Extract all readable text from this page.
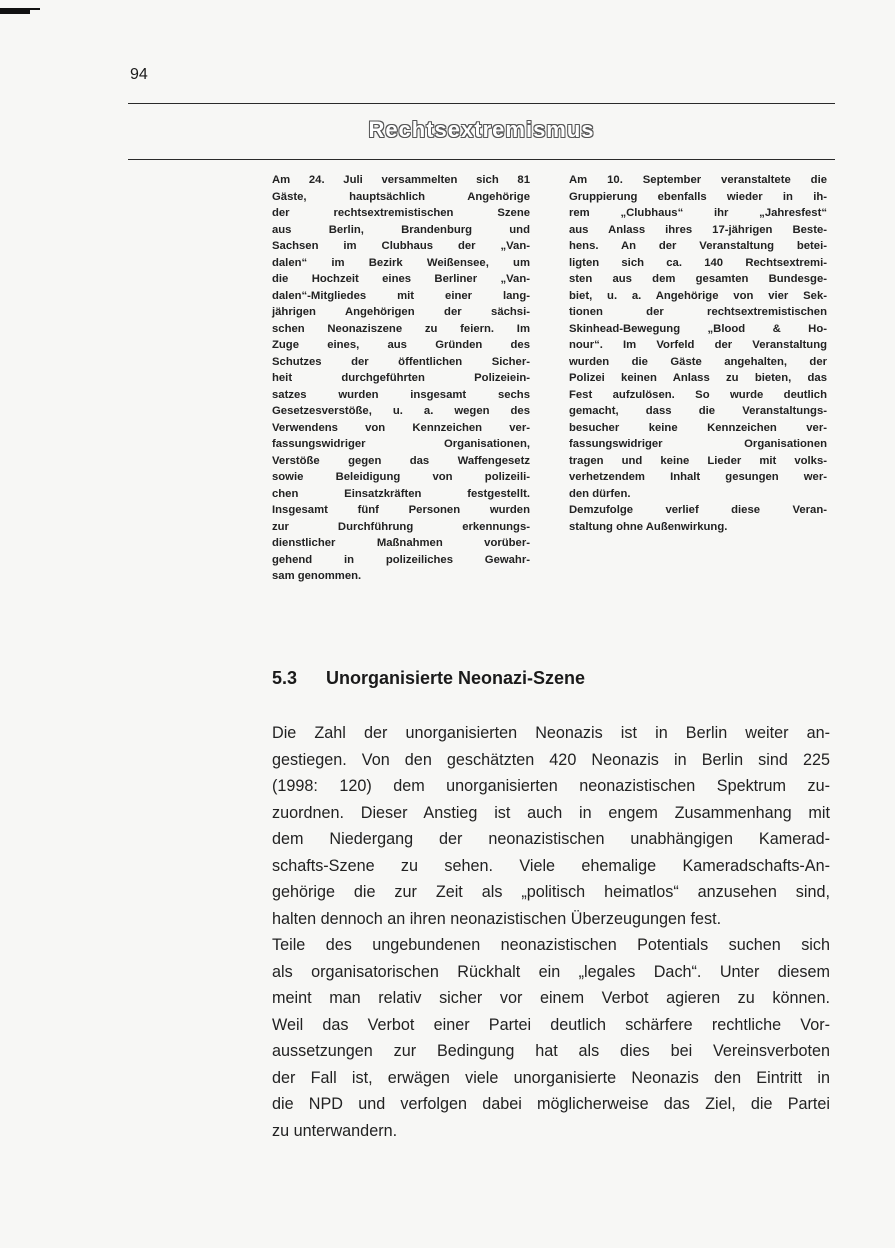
94
Rechtsextremismus

Am 24. Juli versammelten sich 81
Gäste, hauptsächlich Angehörige
der rechtsextremistischen Szene
aus Berlin, Brandenburg und
Sachsen im Clubhaus der „Van-
dalen“ im Bezirk Weißensee, um
die Hochzeit eines Berliner „Van-
dalen“-Mitgliedes mit einer lang-
jährigen Angehörigen der sächsi-
schen Neonaziszene zu feiern. Im
Zuge eines, aus Gründen des
Schutzes der öffentlichen Sicher-
heit durchgeführten Polizeiein-
satzes wurden insgesamt sechs
Gesetzesverstöße, u. a. wegen des
Verwendens von Kennzeichen ver-
fassungswidriger Organisationen,
Verstöße gegen das Waffengesetz
sowie Beleidigung von polizeili-
chen Einsatzkräften festgestellt.
Insgesamt fünf Personen wurden
zur Durchführung erkennungs-
dienstlicher Maßnahmen vorüber-
gehend in polizeiliches Gewahr-
sam genommen.

Am 10. September veranstaltete die
Gruppierung ebenfalls wieder in ih-
rem „Clubhaus“ ihr „Jahresfest“
aus Anlass ihres 17-jährigen Beste-
hens. An der Veranstaltung betei-
ligten sich ca. 140 Rechtsextremi-
sten aus dem gesamten Bundesge-
biet, u. a. Angehörige von vier Sek-
tionen der rechtsextremistischen
Skinhead-Bewegung „Blood & Ho-
nour“. Im Vorfeld der Veranstaltung
wurden die Gäste angehalten, der
Polizei keinen Anlass zu bieten, das
Fest aufzulösen. So wurde deutlich
gemacht, dass die Veranstaltungs-
besucher keine Kennzeichen ver-
fassungswidriger Organisationen
tragen und keine Lieder mit volks-
verhetzendem Inhalt gesungen wer-
den dürfen.
Demzufolge verlief diese Veran-
staltung ohne Außenwirkung.

5.3 Unorganisierte Neonazi-Szene

Die Zahl der unorganisierten Neonazis ist in Berlin weiter an-
gestiegen. Von den geschätzten 420 Neonazis in Berlin sind 225
(1998: 120) dem unorganisierten neonazistischen Spektrum zu-
zuordnen. Dieser Anstieg ist auch in engem Zusammenhang mit
dem Niedergang der neonazistischen unabhängigen Kamerad-
schafts-Szene zu sehen. Viele ehemalige Kameradschafts-An-
gehörige die zur Zeit als „politisch heimatlos“ anzusehen sind,
halten dennoch an ihren neonazistischen Überzeugungen fest.

Teile des ungebundenen neonazistischen Potentials suchen sich
als organisatorischen Rückhalt ein „legales Dach“. Unter diesem
meint man relativ sicher vor einem Verbot agieren zu können.
Weil das Verbot einer Partei deutlich schärfere rechtliche Vor-
aussetzungen zur Bedingung hat als dies bei Vereinsverboten
der Fall ist, erwägen viele unorganisierte Neonazis den Eintritt in
die NPD und verfolgen dabei möglicherweise das Ziel, die Partei
zu unterwandern.
